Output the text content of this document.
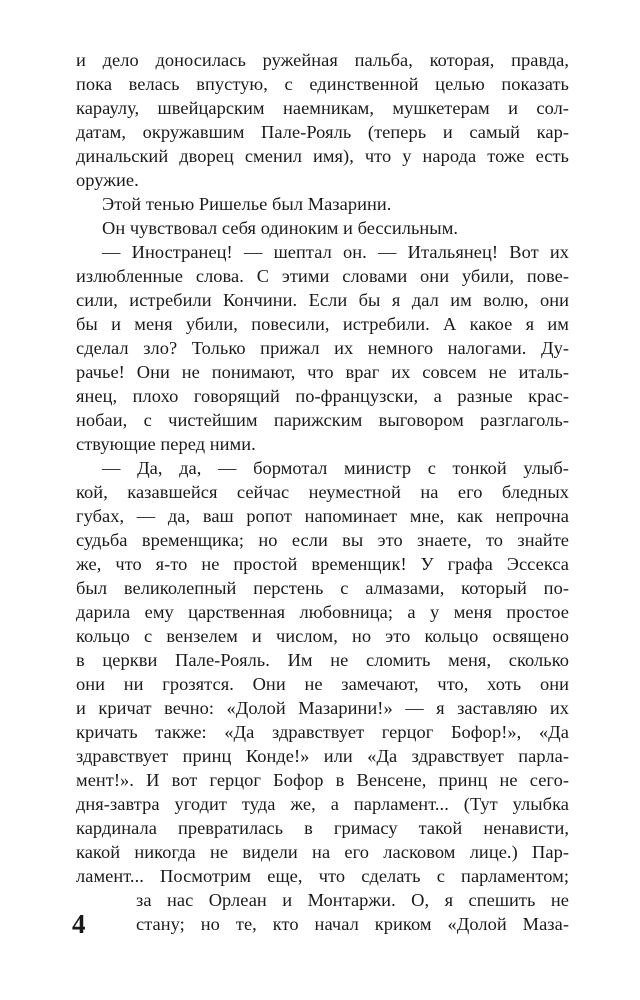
и дело доносилась ружейная пальба, которая, правда,
пока велась впустую, с единственной целью показать
караулу, швейцарским наемникам, мушкетерам и сол-
датам, окружавшим Пале-Рояль (теперь и самый кар-
динальский дворец сменил имя), что у народа тоже есть
оружие.
Этой тенью Ришелье был Мазарини.
Он чувствовал себя одиноким и бессильным.
— Иностранец! — шептал он. — Итальянец! Вот их
излюбленные слова. С этими словами они убили, пове-
сили, истребили Кончини. Если бы я дал им волю, они
бы и меня убили, повесили, истребили. А какое я им
сделал зло? Только прижал их немного налогами. Ду-
рачье! Они не понимают, что враг их совсем не италь-
янец, плохо говорящий по-французски, а разные крас-
нобаи, с чистейшим парижским выговором разглаголь-
ствующие перед ними.
— Да, да, — бормотал министр с тонкой улыб-
кой, казавшейся сейчас неуместной на его бледных
губах, — да, ваш ропот напоминает мне, как непрочна
судьба временщика; но если вы это знаете, то знайте
же, что я-то не простой временщик! У графа Эссекса
был великолепный перстень с алмазами, который по-
дарила ему царственная любовница; а у меня простое
кольцо с вензелем и числом, но это кольцо освящено
в церкви Пале-Рояль. Им не сломить меня, сколько
они ни грозятся. Они не замечают, что, хоть они
и кричат вечно: «Долой Мазарини!» — я заставляю их
кричать также: «Да здравствует герцог Бофор!», «Да
здравствует принц Конде!» или «Да здравствует парла-
мент!». И вот герцог Бофор в Венсене, принц не сего-
дня-завтра угодит туда же, а парламент... (Тут улыбка
кардинала превратилась в гримасу такой ненависти,
какой никогда не видели на его ласковом лице.) Пар-
ламент... Посмотрим еще, что сделать с парламентом;
за нас Орлеан и Монтаржи. О, я спешить не
стану; но те, кто начал криком «Долой Маза-
4
